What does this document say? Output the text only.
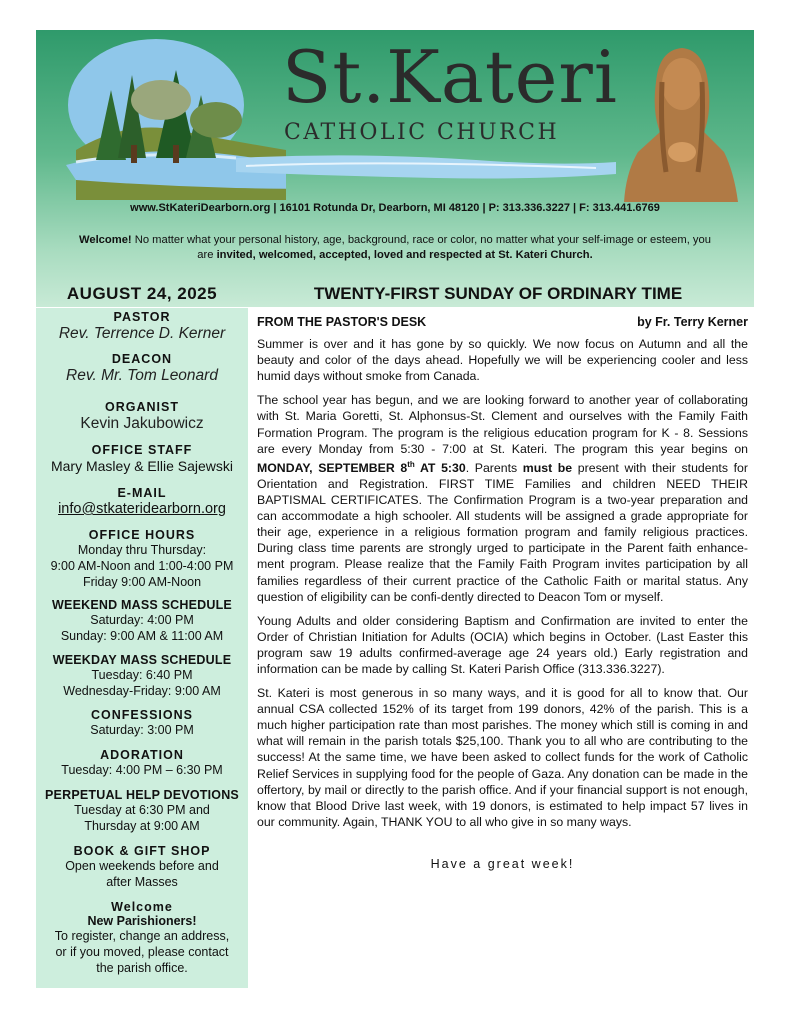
St.Kateri
CATHOLIC CHURCH
www.StKateriDearborn.org | 16101 Rotunda Dr, Dearborn, MI 48120 | P: 313.336.3227 | F: 313.441.6769
Welcome! No matter what your personal history, age, background, race or color, no matter what your self-image or esteem, you are invited, welcomed, accepted, loved and respected at St. Kateri Church.
AUGUST 24, 2025	TWENTY-FIRST SUNDAY OF ORDINARY TIME
PASTOR
Rev. Terrence D. Kerner
DEACON
Rev. Mr. Tom Leonard
ORGANIST
Kevin Jakubowicz
OFFICE STAFF
Mary Masley & Ellie Sajewski
E-MAIL
info@stkateridearborn.org
OFFICE HOURS
Monday thru Thursday:
9:00 AM-Noon and 1:00-4:00 PM
Friday 9:00 AM-Noon
WEEKEND MASS SCHEDULE
Saturday: 4:00 PM
Sunday: 9:00 AM & 11:00 AM
WEEKDAY MASS SCHEDULE
Tuesday: 6:40 PM
Wednesday-Friday: 9:00 AM
CONFESSIONS
Saturday: 3:00 PM
ADORATION
Tuesday: 4:00 PM – 6:30 PM
PERPETUAL HELP DEVOTIONS
Tuesday at 6:30 PM and
Thursday at 9:00 AM
BOOK & GIFT SHOP
Open weekends before and
after Masses
Welcome
New Parishioners!
To register, change an address,
or if you moved, please contact
the parish office.
FROM THE PASTOR'S DESK	by Fr. Terry Kerner

Summer is over and it has gone by so quickly. We now focus on Autumn and all the beauty and color of the days ahead. Hopefully we will be experiencing cooler and less humid days without smoke from Canada.

The school year has begun, and we are looking forward to another year of collaborating with St. Maria Goretti, St. Alphonsus-St. Clement and ourselves with the Family Faith Formation Program. The program is the religious education program for K - 8. Sessions are every Monday from 5:30 - 7:00 at St. Kateri. The program this year begins on MONDAY, SEPTEMBER 8th AT 5:30. Parents must be present with their students for Orientation and Registration. FIRST TIME Families and children NEED THEIR BAPTISMAL CERTIFICATES. The Confirmation Program is a two-year preparation and can accommodate a high schooler. All students will be assigned a grade appropriate for their age, experience in a religious formation program and family religious practices. During class time parents are strongly urged to participate in the Parent faith enhance-ment program. Please realize that the Family Faith Program invites participation by all families regardless of their current practice of the Catholic Faith or marital status. Any question of eligibility can be confi-dently directed to Deacon Tom or myself.

Young Adults and older considering Baptism and Confirmation are invited to enter the Order of Christian Initiation for Adults (OCIA) which begins in October. (Last Easter this program saw 19 adults confirmed-average age 24 years old.) Early registration and information can be made by calling St. Kateri Parish Office (313.336.3227).

St. Kateri is most generous in so many ways, and it is good for all to know that. Our annual CSA collected 152% of its target from 199 donors, 42% of the parish. This is a much higher participation rate than most parishes. The money which still is coming in and what will remain in the parish totals $25,100. Thank you to all who are contributing to the success! At the same time, we have been asked to collect funds for the work of Catholic Relief Services in supplying food for the people of Gaza. Any donation can be made in the offertory, by mail or directly to the parish office. And if your financial support is not enough, know that Blood Drive last week, with 19 donors, is estimated to help impact 57 lives in our community. Again, THANK YOU to all who give in so many ways.

Have a great week!
